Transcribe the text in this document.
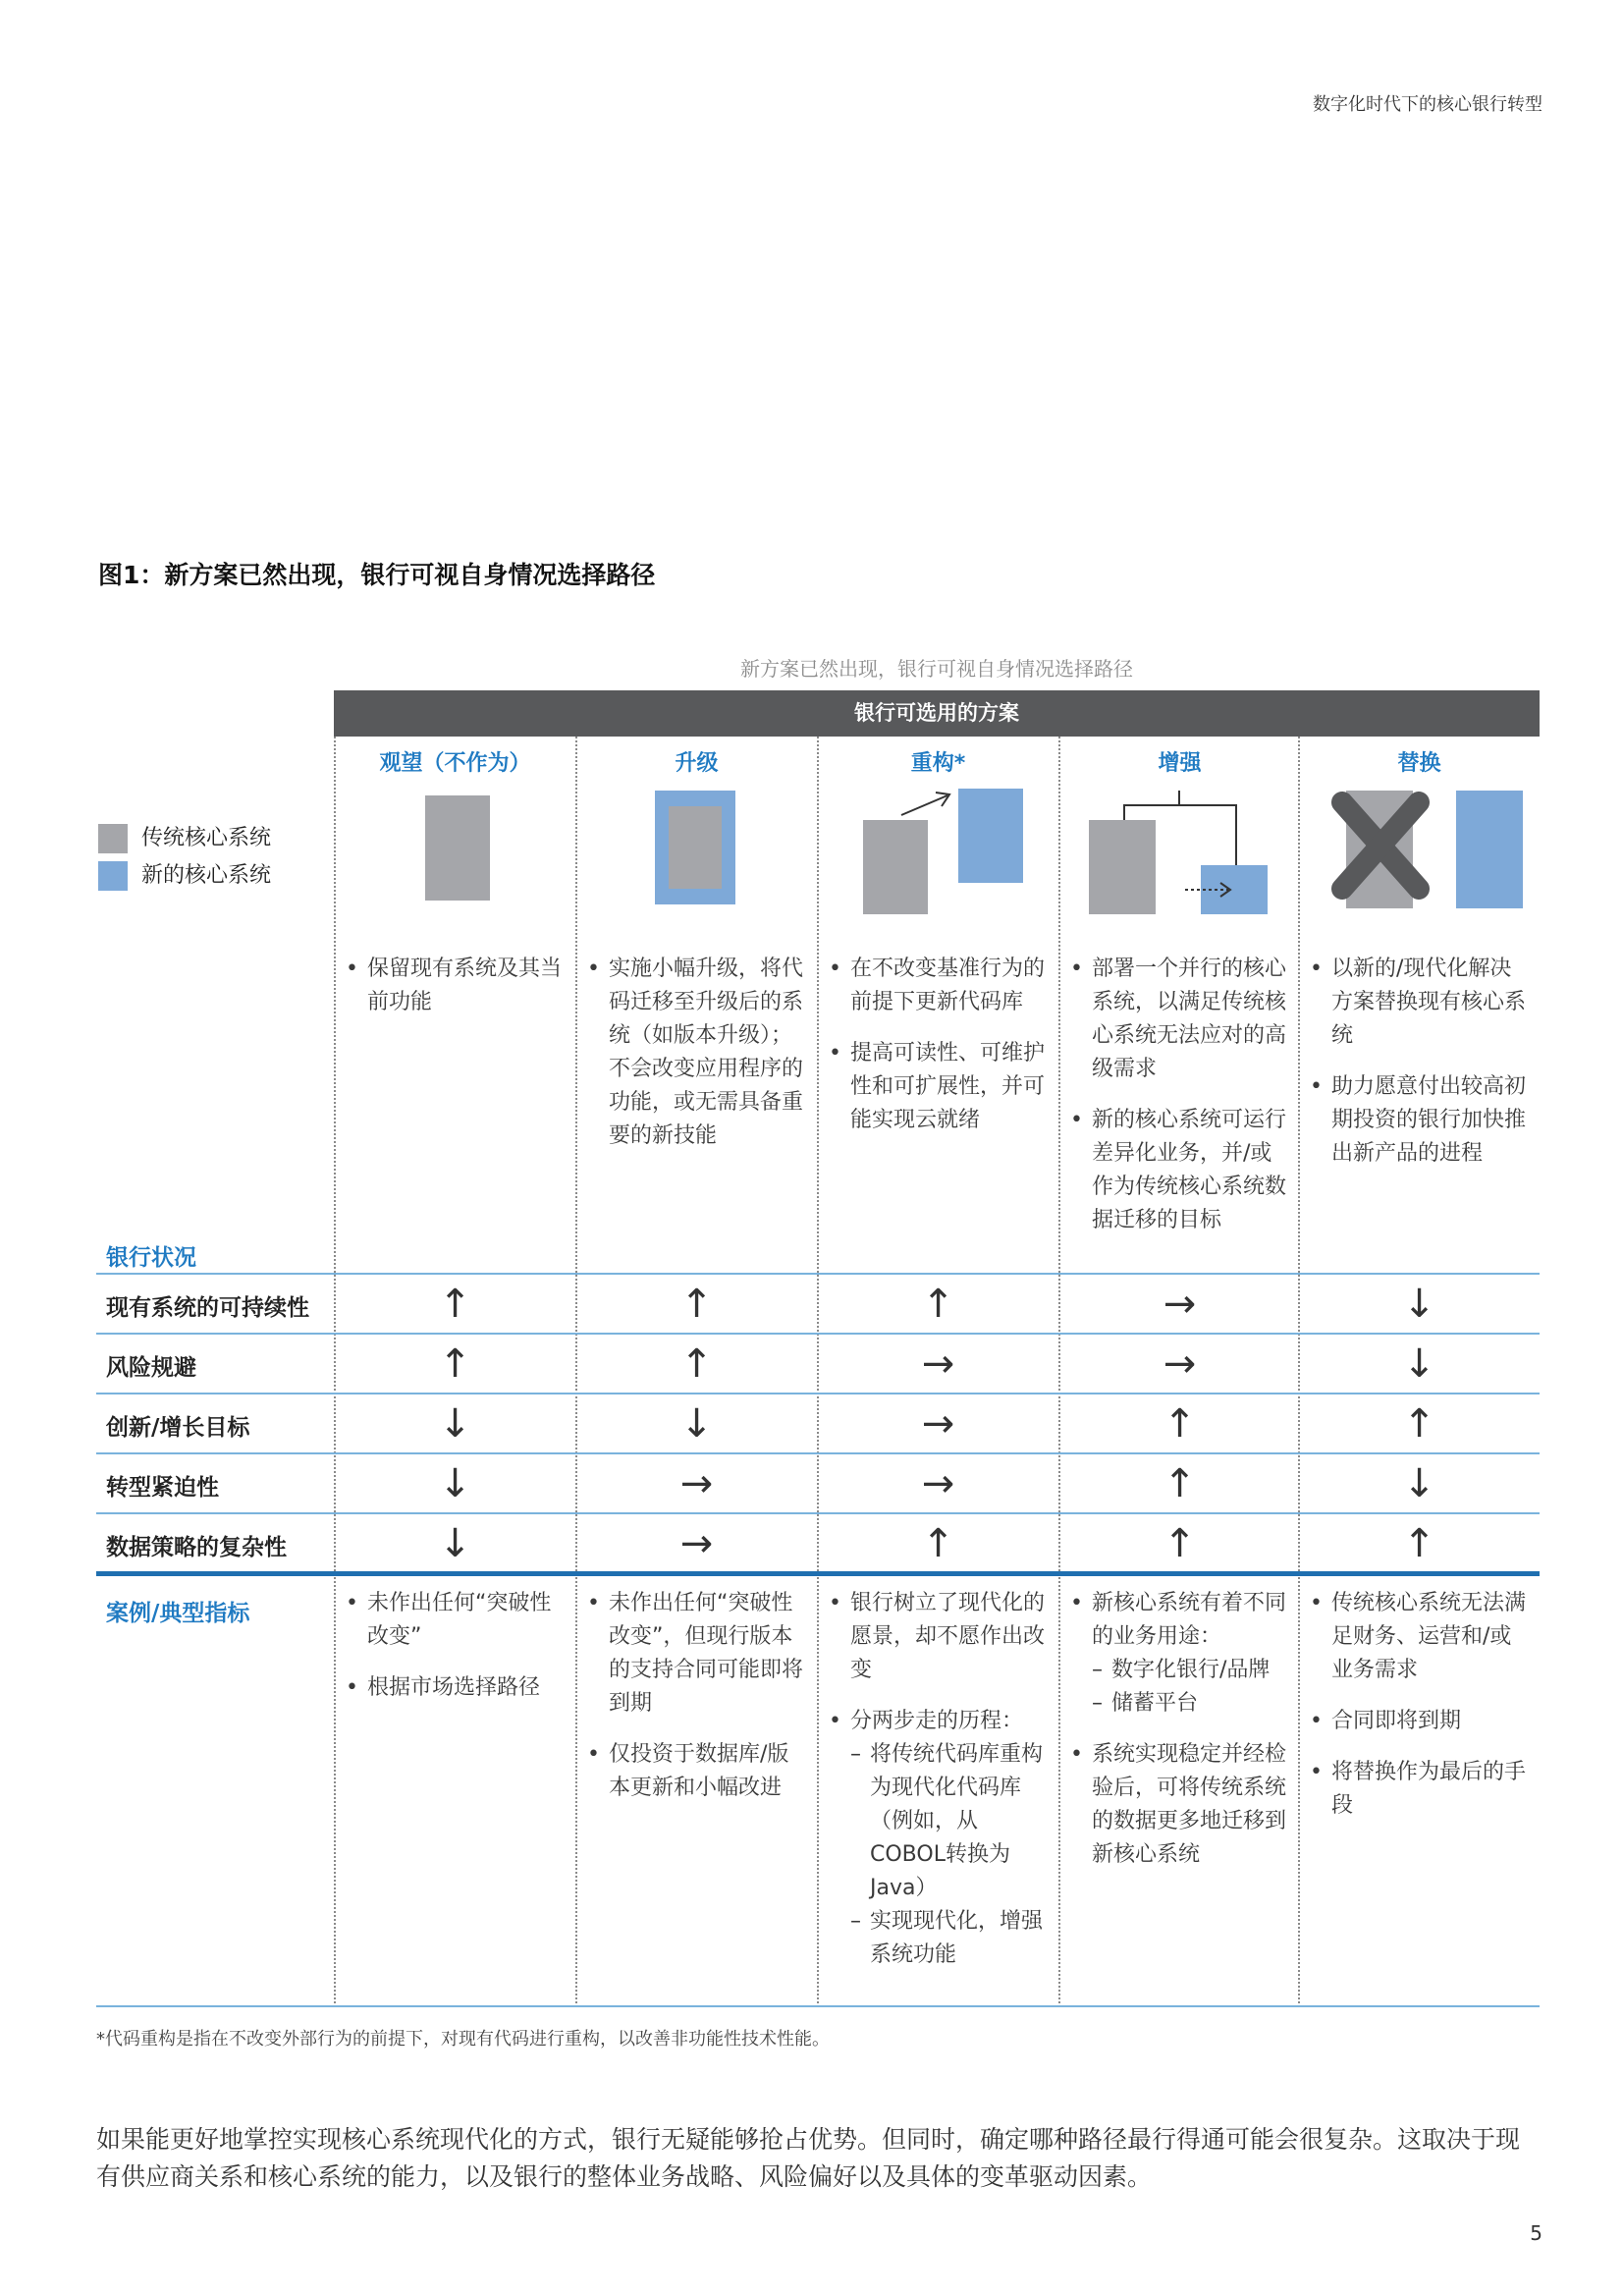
数字化时代下的核心银行转型
图1：新方案已然出现，银行可视自身情况选择路径
新方案已然出现，银行可视自身情况选择路径
银行可选用的方案
观望（不作为）	升级	重构*	增强	替换
传统核心系统
新的核心系统
• 保留现有系统及其当前功能
• 实施小幅升级，将代码迁移至升级后的系统（如版本升级）；不会改变应用程序的功能，或无需具备重要的新技能
• 在不改变基准行为的前提下更新代码库
• 提高可读性、可维护性和可扩展性，并可能实现云就绪
• 部署一个并行的核心系统，以满足传统核心系统无法应对的高级需求
• 新的核心系统可运行差异化业务，并/或作为传统核心系统数据迁移的目标
• 以新的/现代化解决方案替换现有核心系统
• 助力愿意付出较高初期投资的银行加快推出新产品的进程
银行状况
现有系统的可持续性	↑	↑	↑	→	↓
风险规避	↑	↑	→	→	↓
创新/增长目标	↓	↓	→	↑	↑
转型紧迫性	↓	→	→	↑	↓
数据策略的复杂性	↓	→	↑	↑	↑
案例/典型指标
•	未作出任何“突破性改变”
• 根据市场选择路径
• 未作出任何“突破性改变”，但现行版本的支持合同可能即将到期
• 仅投资于数据库/版本更新和小幅改进
• 银行树立了现代化的愿景，却不愿作出改变
• 分两步走的历程：
– 将传统代码库重构为现代化代码库（例如，从COBOL转换为Java）
– 实现现代化，增强系统功能
• 新核心系统有着不同的业务用途：
– 数字化银行/品牌
– 储蓄平台
• 系统实现稳定并经检验后，可将传统系统的数据更多地迁移到新核心系统
• 传统核心系统无法满足财务、运营和/或业务需求
• 合同即将到期
• 将替换作为最后的手段
*代码重构是指在不改变外部行为的前提下，对现有代码进行重构，以改善非功能性技术性能。
如果能更好地掌控实现核心系统现代化的方式，银行无疑能够抢占优势。但同时，确定哪种路径最行得通可能会很复杂。这取决于现有供应商关系和核心系统的能力，以及银行的整体业务战略、风险偏好以及具体的变革驱动因素。
5
